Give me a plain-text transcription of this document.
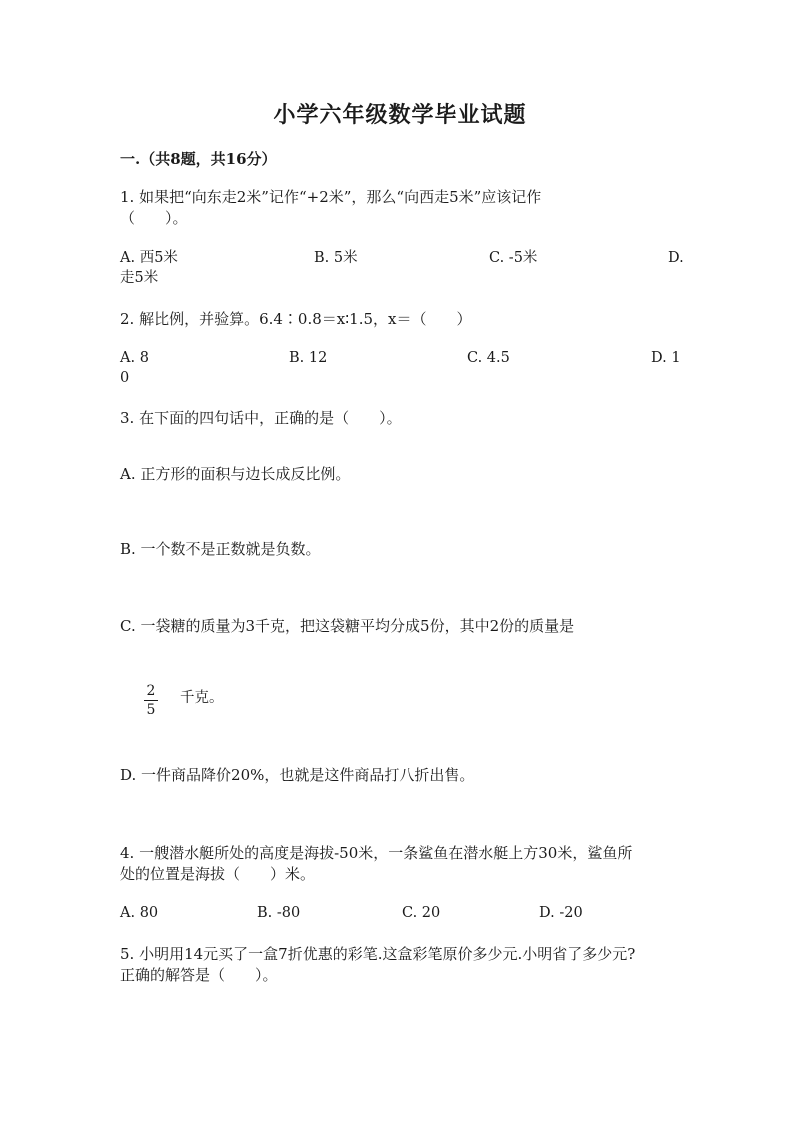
小学六年级数学毕业试题
一.（共8题，共16分）
1. 如果把“向东走2米”记作“+2米”，那么“向西走5米”应该记作
（　　）。
A. 西5米	B. 5米	C. -5米	D.
走5米
2. 解比例，并验算。6.4∶0.8＝x∶1.5，x＝（　　）
A. 8	B. 12	C. 4.5	D. 1
0
3. 在下面的四句话中，正确的是（　　）。
A. 正方形的面积与边长成反比例。
B. 一个数不是正数就是负数。
C. 一袋糖的质量为3千克，把这袋糖平均分成5份，其中2份的质量是
2
5
千克。
D. 一件商品降价20%，也就是这件商品打八折出售。
4. 一艘潜水艇所处的高度是海拔-50米，一条鲨鱼在潜水艇上方30米，鲨鱼所
处的位置是海拔（　　）米。
A. 80	B. -80	C. 20	D. -20
5. 小明用14元买了一盒7折优惠的彩笔.这盒彩笔原价多少元.小明省了多少元?
正确的解答是（　　）。
